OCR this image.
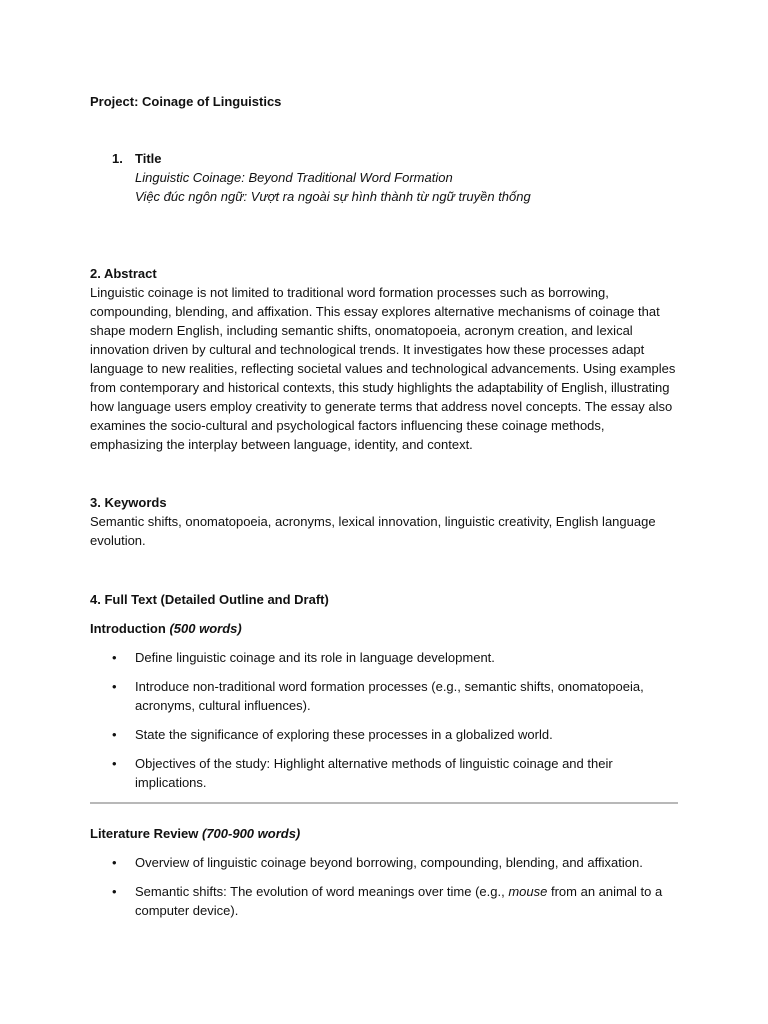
Project: Coinage of Linguistics

1. Title
Linguistic Coinage: Beyond Traditional Word Formation
Việc đúc ngôn ngữ: Vượt ra ngoài sự hình thành từ ngữ truyền thống
2. Abstract

Linguistic coinage is not limited to traditional word formation processes such as borrowing, compounding, blending, and affixation. This essay explores alternative mechanisms of coinage that shape modern English, including semantic shifts, onomatopoeia, acronym creation, and lexical innovation driven by cultural and technological trends. It investigates how these processes adapt language to new realities, reflecting societal values and technological advancements. Using examples from contemporary and historical contexts, this study highlights the adaptability of English, illustrating how language users employ creativity to generate terms that address novel concepts. The essay also examines the socio-cultural and psychological factors influencing these coinage methods, emphasizing the interplay between language, identity, and context.

3. Keywords

Semantic shifts, onomatopoeia, acronyms, lexical innovation, linguistic creativity, English language evolution.

4. Full Text (Detailed Outline and Draft)
Introduction (500 words)
• Define linguistic coinage and its role in language development.
• Introduce non-traditional word formation processes (e.g., semantic shifts, onomatopoeia, acronyms, cultural influences).
• State the significance of exploring these processes in a globalized world.
• Objectives of the study: Highlight alternative methods of linguistic coinage and their implications.
Literature Review (700-900 words)
• Overview of linguistic coinage beyond borrowing, compounding, blending, and affixation.
• Semantic shifts: The evolution of word meanings over time (e.g., mouse from an animal to a computer device).
